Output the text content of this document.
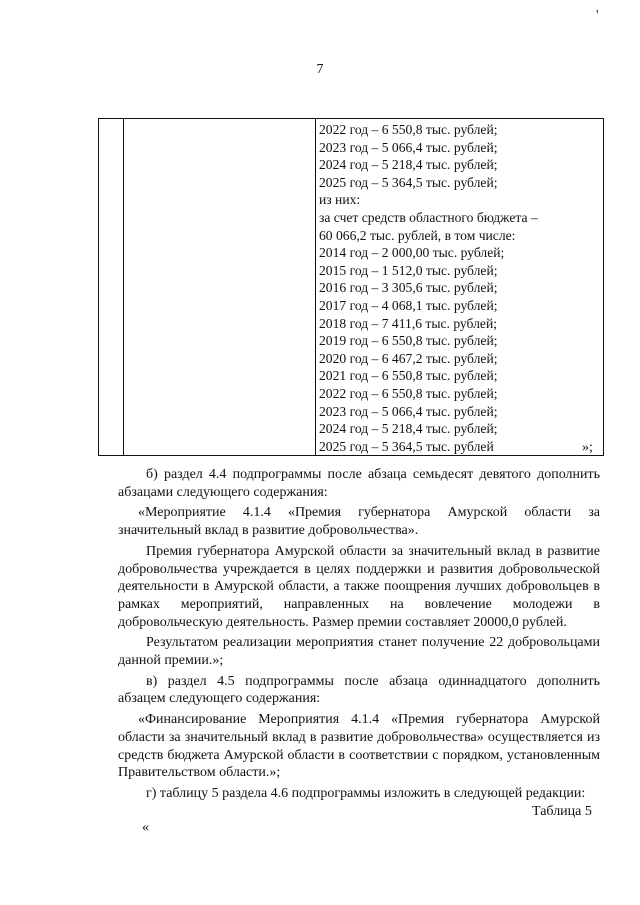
'
7

2022 год – 6 550,8 тыс. рублей;
2023 год – 5 066,4 тыс. рублей;
2024 год – 5 218,4 тыс. рублей;
2025 год – 5 364,5 тыс. рублей;
из них:
за счет средств областного бюджета –
60 066,2 тыс. рублей, в том числе:
2014 год – 2 000,00 тыс. рублей;
2015 год – 1 512,0 тыс. рублей;
2016 год – 3 305,6 тыс. рублей;
2017 год – 4 068,1 тыс. рублей;
2018 год – 7 411,6 тыс. рублей;
2019 год – 6 550,8 тыс. рублей;
2020 год – 6 467,2 тыс. рублей;
2021 год – 6 550,8 тыс. рублей;
2022 год – 6 550,8 тыс. рублей;
2023 год – 5 066,4 тыс. рублей;
2024 год – 5 218,4 тыс. рублей;
2025 год – 5 364,5 тыс. рублей	»;

б) раздел 4.4 подпрограммы после абзаца семьдесят девятого дополнить абзацами следующего содержания:

«Мероприятие 4.1.4 «Премия губернатора Амурской области за значительный вклад в развитие добровольчества».

Премия губернатора Амурской области за значительный вклад в развитие добровольчества учреждается в целях поддержки и развития добровольческой деятельности в Амурской области, а также поощрения лучших добровольцев в рамках мероприятий, направленных на вовлечение молодежи в добровольческую деятельность. Размер премии составляет 20000,0 рублей.

Результатом реализации мероприятия станет получение 22 добровольцами данной премии.»;

в) раздел 4.5 подпрограммы после абзаца одиннадцатого дополнить абзацем следующего содержания:

«Финансирование Мероприятия 4.1.4 «Премия губернатора Амурской области за значительный вклад в развитие добровольчества» осуществляется из средств бюджета Амурской области в соответствии с порядком, установленным Правительством области.»;

г) таблицу 5 раздела 4.6 подпрограммы изложить в следующей редакции:

Таблица 5
«
